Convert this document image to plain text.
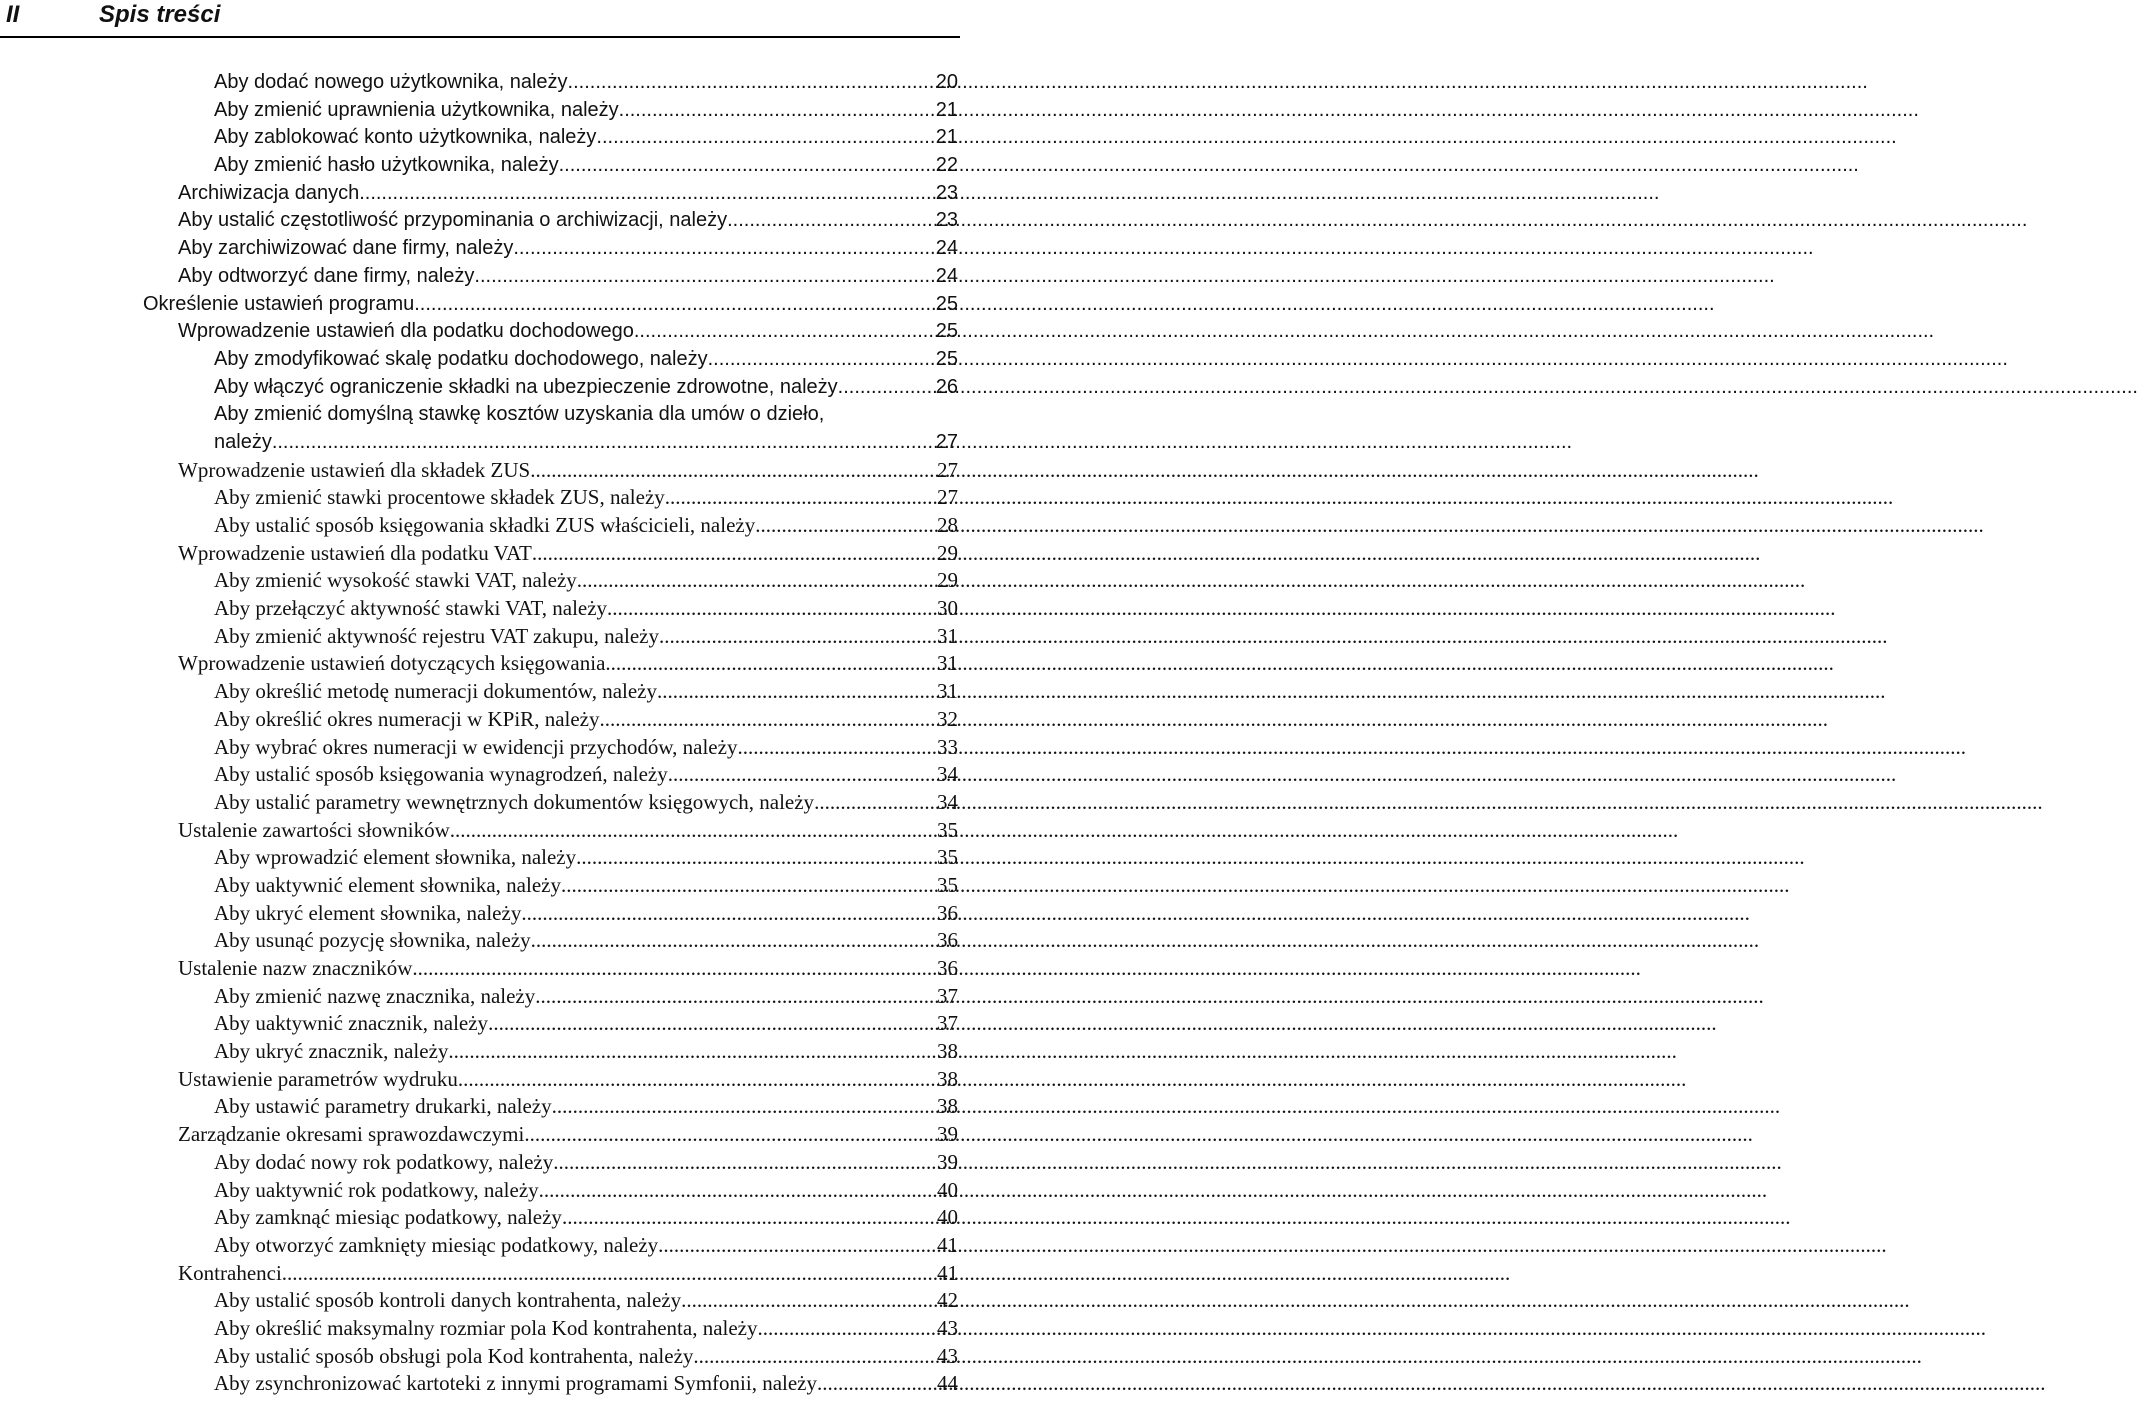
II	Spis treści
Aby dodać nowego użytkownika, należy .....	20
Aby zmienić uprawnienia użytkownika, należy .....	21
Aby zablokować konto użytkownika, należy .....	21
Aby zmienić hasło użytkownika, należy .....	22
Archiwizacja danych .....	23
Aby ustalić częstotliwość przypominania o archiwizacji, należy .....	23
Aby zarchiwizować dane firmy, należy .....	24
Aby odtworzyć dane firmy, należy .....	24
Określenie ustawień programu .....	25
Wprowadzenie ustawień dla podatku dochodowego .....	25
Aby zmodyfikować skalę podatku dochodowego, należy .....	25
Aby włączyć ograniczenie składki na ubezpieczenie zdrowotne, należy .....	26
Aby zmienić domyślną stawkę kosztów uzyskania dla umów o dzieło,
należy .....	27
Wprowadzenie ustawień dla składek ZUS .....	27
Aby zmienić stawki procentowe składek ZUS, należy .....	27
Aby ustalić sposób księgowania składki ZUS właścicieli, należy .....	28
Wprowadzenie ustawień dla podatku VAT .....	29
Aby zmienić wysokość stawki VAT, należy .....	29
Aby przełączyć aktywność stawki VAT, należy .....	30
Aby zmienić aktywność rejestru VAT zakupu, należy .....	31
Wprowadzenie ustawień dotyczących księgowania .....	31
Aby określić metodę numeracji dokumentów, należy .....	31
Aby określić okres numeracji w KPiR, należy .....	32
Aby wybrać okres numeracji w ewidencji przychodów, należy .....	33
Aby ustalić sposób księgowania wynagrodzeń, należy .....	34
Aby ustalić parametry wewnętrznych dokumentów księgowych, należy .....	34
Ustalenie zawartości słowników .....	35
Aby wprowadzić element słownika, należy .....	35
Aby uaktywnić element słownika, należy .....	35
Aby ukryć element słownika, należy .....	36
Aby usunąć pozycję słownika, należy .....	36
Ustalenie nazw znaczników .....	36
Aby zmienić nazwę znacznika, należy .....	37
Aby uaktywnić znacznik, należy .....	37
Aby ukryć znacznik, należy .....	38
Ustawienie parametrów wydruku .....	38
Aby ustawić parametry drukarki, należy .....	38
Zarządzanie okresami sprawozdawczymi .....	39
Aby dodać nowy rok podatkowy, należy .....	39
Aby uaktywnić rok podatkowy, należy .....	40
Aby zamknąć miesiąc podatkowy, należy .....	40
Aby otworzyć zamknięty miesiąc podatkowy, należy .....	41
Kontrahenci .....	41
Aby ustalić sposób kontroli danych kontrahenta, należy .....	42
Aby określić maksymalny rozmiar pola Kod kontrahenta, należy .....	43
Aby ustalić sposób obsługi pola Kod kontrahenta, należy .....	43
Aby zsynchronizować kartoteki z innymi programami Symfonii, należy .....	44
